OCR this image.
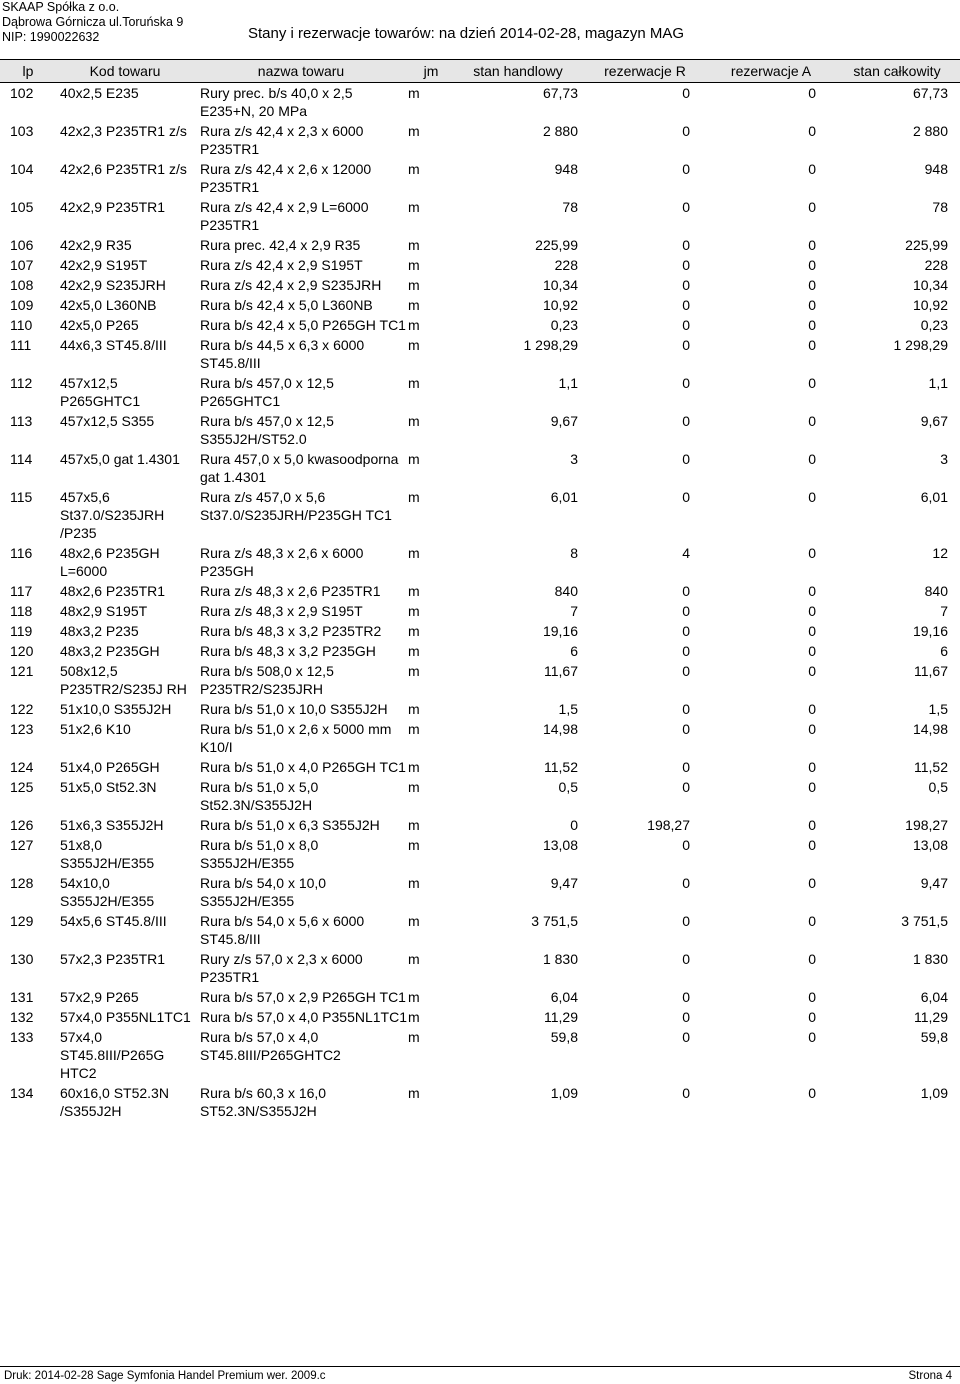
SKAAP Spółka z o.o.
Dąbrowa Górnicza ul.Toruńska 9
NIP: 1990022632	Stany i rezerwacje towarów: na dzień 2014-02-28, magazyn MAG
lp	Kod towaru	nazwa towaru	jm	stan handlowy	rezerwacje R	rezerwacje A	stan całkowity
102	40x2,5 E235	Rury prec. b/s 40,0 x 2,5 E235+N, 20 MPa	m	67,73	0	0	67,73
103	42x2,3 P235TR1 z/s	Rura z/s 42,4 x 2,3 x 6000 P235TR1	m	2 880	0	0	2 880
104	42x2,6 P235TR1 z/s	Rura z/s 42,4 x 2,6 x 12000 P235TR1	m	948	0	0	948
105	42x2,9 P235TR1	Rura z/s 42,4 x 2,9 L=6000 P235TR1	m	78	0	0	78
106	42x2,9 R35	Rura prec. 42,4 x 2,9 R35	m	225,99	0	0	225,99
107	42x2,9 S195T	Rura z/s 42,4 x 2,9 S195T	m	228	0	0	228
108	42x2,9 S235JRH	Rura z/s 42,4 x 2,9 S235JRH	m	10,34	0	0	10,34
109	42x5,0 L360NB	Rura b/s 42,4 x 5,0 L360NB	m	10,92	0	0	10,92
110	42x5,0 P265	Rura b/s 42,4 x 5,0 P265GH TC1	m	0,23	0	0	0,23
111	44x6,3 ST45.8/III	Rura b/s 44,5 x 6,3 x 6000 ST45.8/III	m	1 298,29	0	0	1 298,29
112	457x12,5 P265GHTC1	Rura b/s 457,0 x 12,5 P265GHTC1	m	1,1	0	0	1,1
113	457x12,5 S355	Rura b/s 457,0 x 12,5 S355J2H/ST52.0	m	9,67	0	0	9,67
114	457x5,0 gat 1.4301	Rura 457,0 x 5,0 kwasoodporna gat 1.4301	m	3	0	0	3
115	457x5,6 St37.0/S235JRH /P235	Rura z/s 457,0 x 5,6 St37.0/S235JRH/P235GH TC1	m	6,01	0	0	6,01
116	48x2,6 P235GH L=6000	Rura z/s 48,3 x 2,6 x 6000 P235GH	m	8	4	0	12
117	48x2,6 P235TR1	Rura z/s 48,3 x 2,6 P235TR1	m	840	0	0	840
118	48x2,9 S195T	Rura z/s 48,3 x 2,9 S195T	m	7	0	0	7
119	48x3,2 P235	Rura b/s 48,3 x 3,2 P235TR2	m	19,16	0	0	19,16
120	48x3,2 P235GH	Rura b/s 48,3 x 3,2 P235GH	m	6	0	0	6
121	508x12,5 P235TR2/S235J RH	Rura b/s 508,0 x 12,5 P235TR2/S235JRH	m	11,67	0	0	11,67
122	51x10,0 S355J2H	Rura b/s 51,0 x 10,0 S355J2H	m	1,5	0	0	1,5
123	51x2,6 K10	Rura b/s 51,0 x 2,6 x 5000 mm K10/I	m	14,98	0	0	14,98
124	51x4,0 P265GH	Rura b/s 51,0 x 4,0 P265GH TC1	m	11,52	0	0	11,52
125	51x5,0 St52.3N	Rura b/s 51,0 x 5,0 St52.3N/S355J2H	m	0,5	0	0	0,5
126	51x6,3 S355J2H	Rura b/s 51,0 x 6,3 S355J2H	m	0	198,27	0	198,27
127	51x8,0 S355J2H/E355	Rura b/s 51,0 x 8,0 S355J2H/E355	m	13,08	0	0	13,08
128	54x10,0 S355J2H/E355	Rura b/s 54,0 x 10,0 S355J2H/E355	m	9,47	0	0	9,47
129	54x5,6 ST45.8/III	Rura b/s 54,0 x 5,6 x 6000 ST45.8/III	m	3 751,5	0	0	3 751,5
130	57x2,3 P235TR1	Rury z/s 57,0 x 2,3 x 6000 P235TR1	m	1 830	0	0	1 830
131	57x2,9 P265	Rura b/s 57,0 x 2,9 P265GH TC1	m	6,04	0	0	6,04
132	57x4,0 P355NL1TC1	Rura b/s 57,0 x 4,0 P355NL1TC1	m	11,29	0	0	11,29
133	57x4,0 ST45.8III/P265G HTC2	Rura b/s 57,0 x 4,0 ST45.8III/P265GHTC2	m	59,8	0	0	59,8
134	60x16,0 ST52.3N /S355J2H	Rura b/s 60,3 x 16,0 ST52.3N/S355J2H	m	1,09	0	0	1,09
Druk: 2014-02-28 Sage Symfonia Handel Premium wer. 2009.c	Strona 4
